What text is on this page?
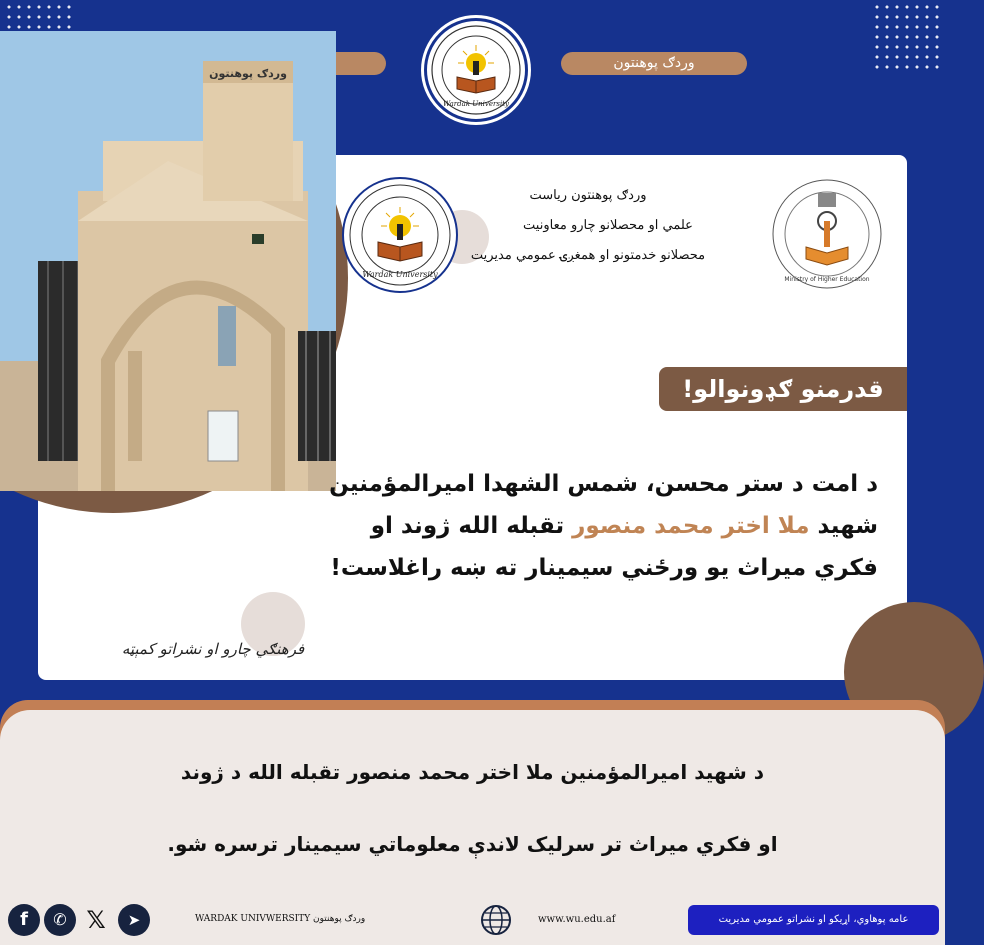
وردګ پوهنتون
Wardak University
وردګ پوهنتون
Wardak University
وردګ پوهنتون ریاست
علمي او محصلانو چارو معاونیت
محصلانو خدمتونو او همغږۍ عمومي مدیریت
Ministry of Higher Education
قدرمنو ګډونوالو!
د امت د ستر محسن، شمس الشهدا امیرالمؤمنین
شهید ملا اختر محمد منصور تقبله الله ژوند او
فکري میراث یو ورځني سیمینار ته ښه راغلاست!
فرهنګي چارو او نشراتو کمېټه
د شهید امیرالمؤمنین ملا اختر محمد منصور تقبله الله د ژوند
او فکري میراث تر سرلیک لاندې معلوماتي سیمینار ترسره شو.
f	✆ 𝕏	➤	WARDAK UNIVWERSITY وردګ پوهنتون	www.wu.edu.af	عامه پوهاوي، اړیکو او نشراتو عمومي مدیریت
